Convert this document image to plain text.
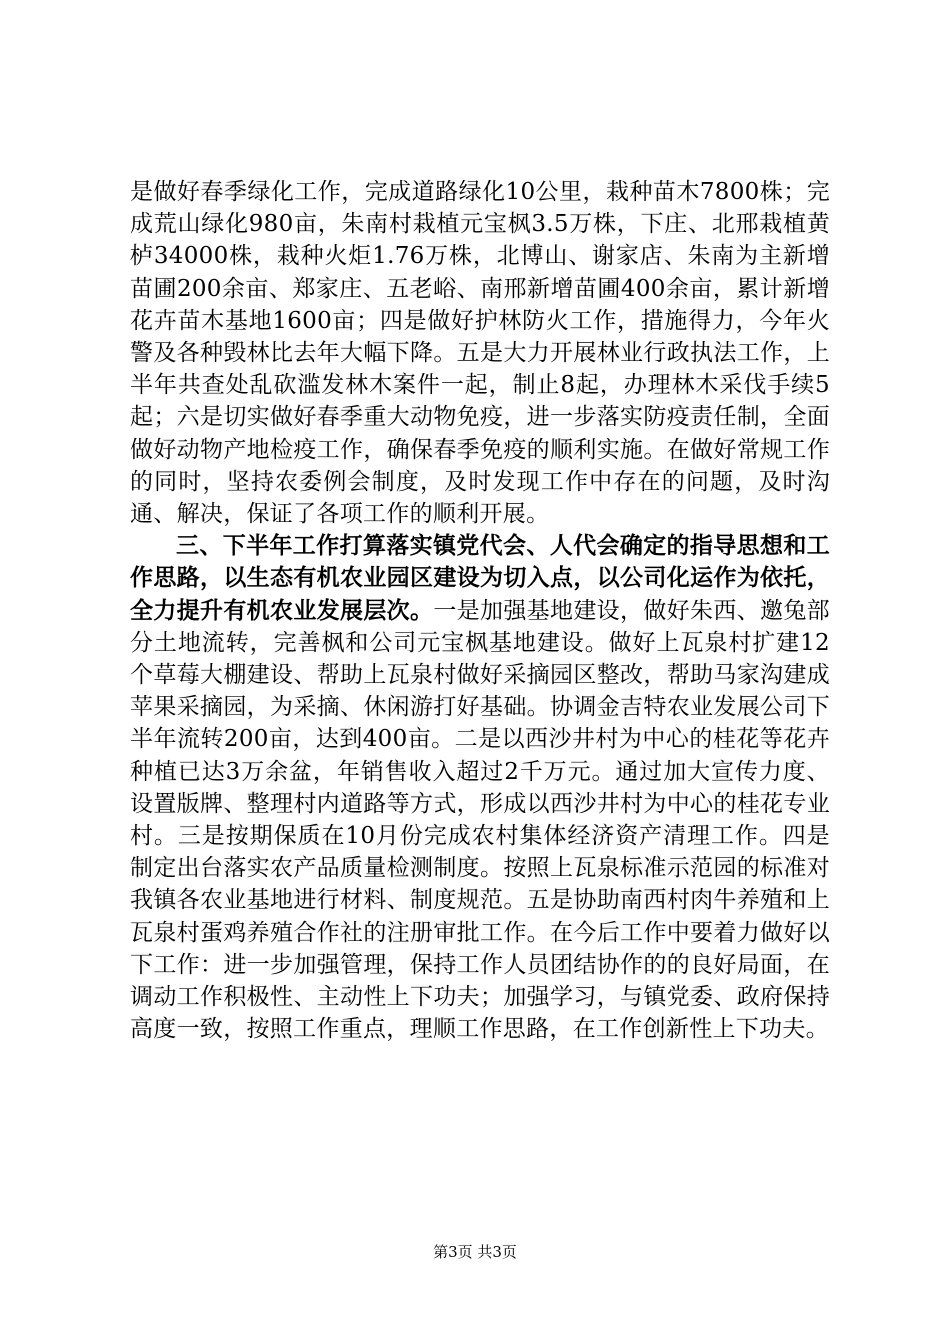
是做好春季绿化工作，完成道路绿化10公里，栽种苗木7800株；完成荒山绿化980亩，朱南村栽植元宝枫3.5万株，下庄、北邢栽植黄栌34000株，栽种火炬1.76万株，北博山、谢家店、朱南为主新增苗圃200余亩、郑家庄、五老峪、南邢新增苗圃400余亩，累计新增花卉苗木基地1600亩；四是做好护林防火工作，措施得力，今年火警及各种毁林比去年大幅下降。五是大力开展林业行政执法工作，上半年共查处乱砍滥发林木案件一起，制止8起，办理林木采伐手续5起；六是切实做好春季重大动物免疫，进一步落实防疫责任制，全面做好动物产地检疫工作，确保春季免疫的顺利实施。在做好常规工作的同时，坚持农委例会制度，及时发现工作中存在的问题，及时沟通、解决，保证了各项工作的顺利开展。

三、下半年工作打算落实镇党代会、人代会确定的指导思想和工作思路，以生态有机农业园区建设为切入点，以公司化运作为依托，全力提升有机农业发展层次。一是加强基地建设，做好朱西、邀兔部分土地流转，完善枫和公司元宝枫基地建设。做好上瓦泉村扩建12个草莓大棚建设、帮助上瓦泉村做好采摘园区整改，帮助马家沟建成苹果采摘园，为采摘、休闲游打好基础。协调金吉特农业发展公司下半年流转200亩，达到400亩。二是以西沙井村为中心的桂花等花卉种植已达3万余盆，年销售收入超过2千万元。通过加大宣传力度、设置版牌、整理村内道路等方式，形成以西沙井村为中心的桂花专业村。三是按期保质在10月份完成农村集体经济资产清理工作。四是制定出台落实农产品质量检测制度。按照上瓦泉标准示范园的标准对我镇各农业基地进行材料、制度规范。五是协助南西村肉牛养殖和上瓦泉村蛋鸡养殖合作社的注册审批工作。在今后工作中要着力做好以下工作：进一步加强管理，保持工作人员团结协作的的良好局面，在调动工作积极性、主动性上下功夫；加强学习，与镇党委、政府保持高度一致，按照工作重点，理顺工作思路，在工作创新性上下功夫。

第3页 共3页
